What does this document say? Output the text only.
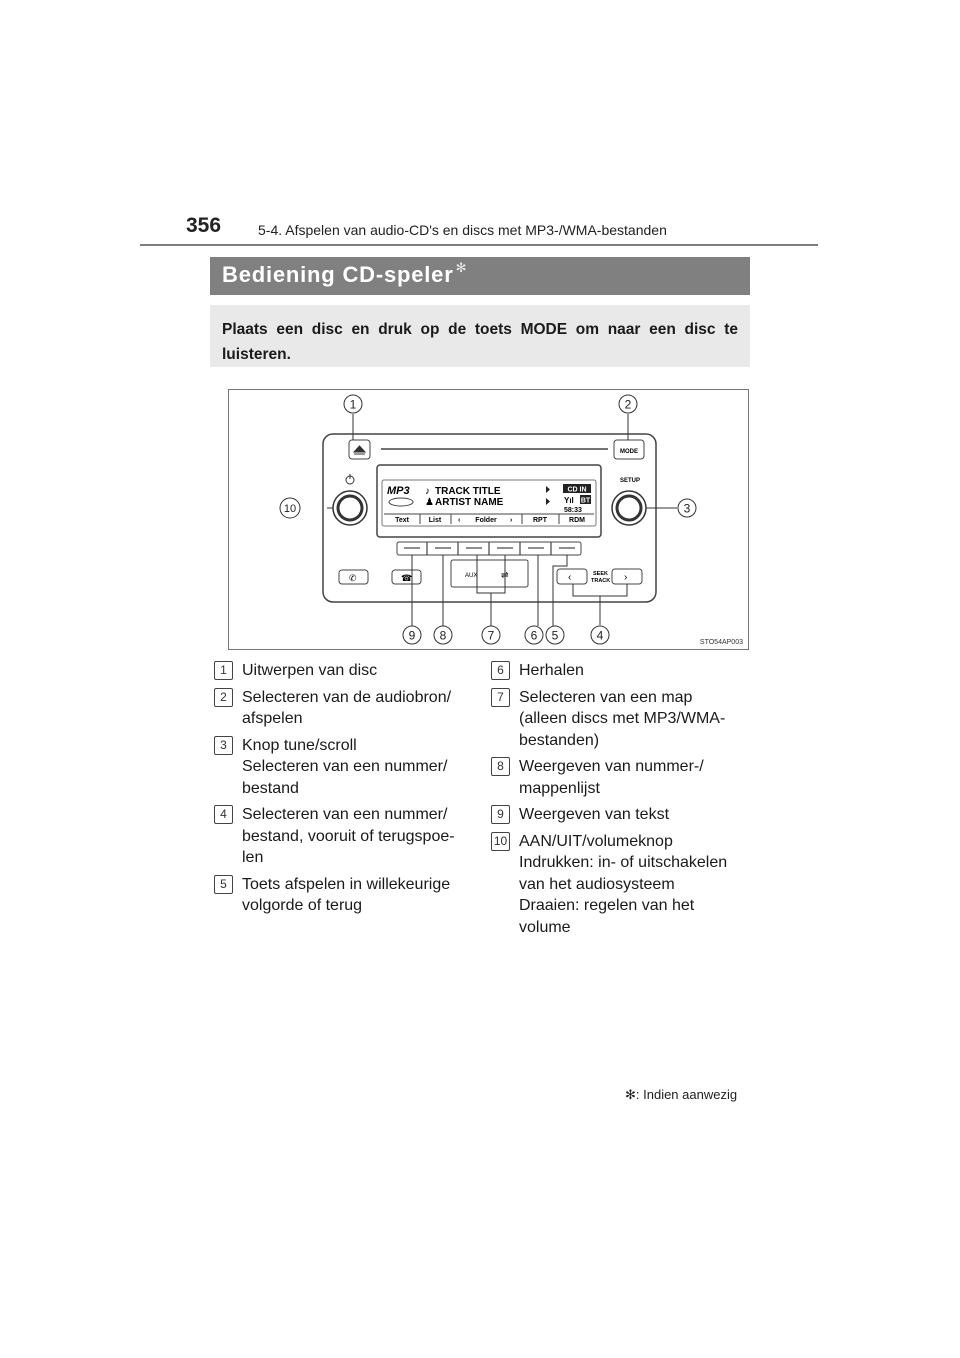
356	5-4. Afspelen van audio-CD's en discs met MP3-/WMA-bestanden
Bediening CD-speler ✻

Plaats een disc en druk op de toets MODE om naar een disc te luisteren.

MODE
SETUP
MP3 ♪ TRACK TITLE
♟ ARTIST NAME
CD IN
Yıl BT
58:33
Text	List ‹ Folder ›	RPT	RDM
✆	☎	AUX	⇌	‹	›
SEEK
TRACK
1	2
3
4
5
6
7
8
9
10
STO54AP003
1 Uitwerpen van disc
2 Selecteren van de audiobron/
afspelen
3 Knop tune/scroll
Selecteren van een nummer/
bestand
4 Selecteren van een nummer/
bestand, vooruit of terugspoe-
len
5 Toets afspelen in willekeurige
volgorde of terug
6 Herhalen
7 Selecteren van een map
(alleen discs met MP3/WMA-
bestanden)
8 Weergeven van nummer-/
mappenlijst
9 Weergeven van tekst
10 AAN/UIT/volumeknop
Indrukken: in- of uitschakelen
van het audiosysteem
Draaien: regelen van het
volume
✻: Indien aanwezig
